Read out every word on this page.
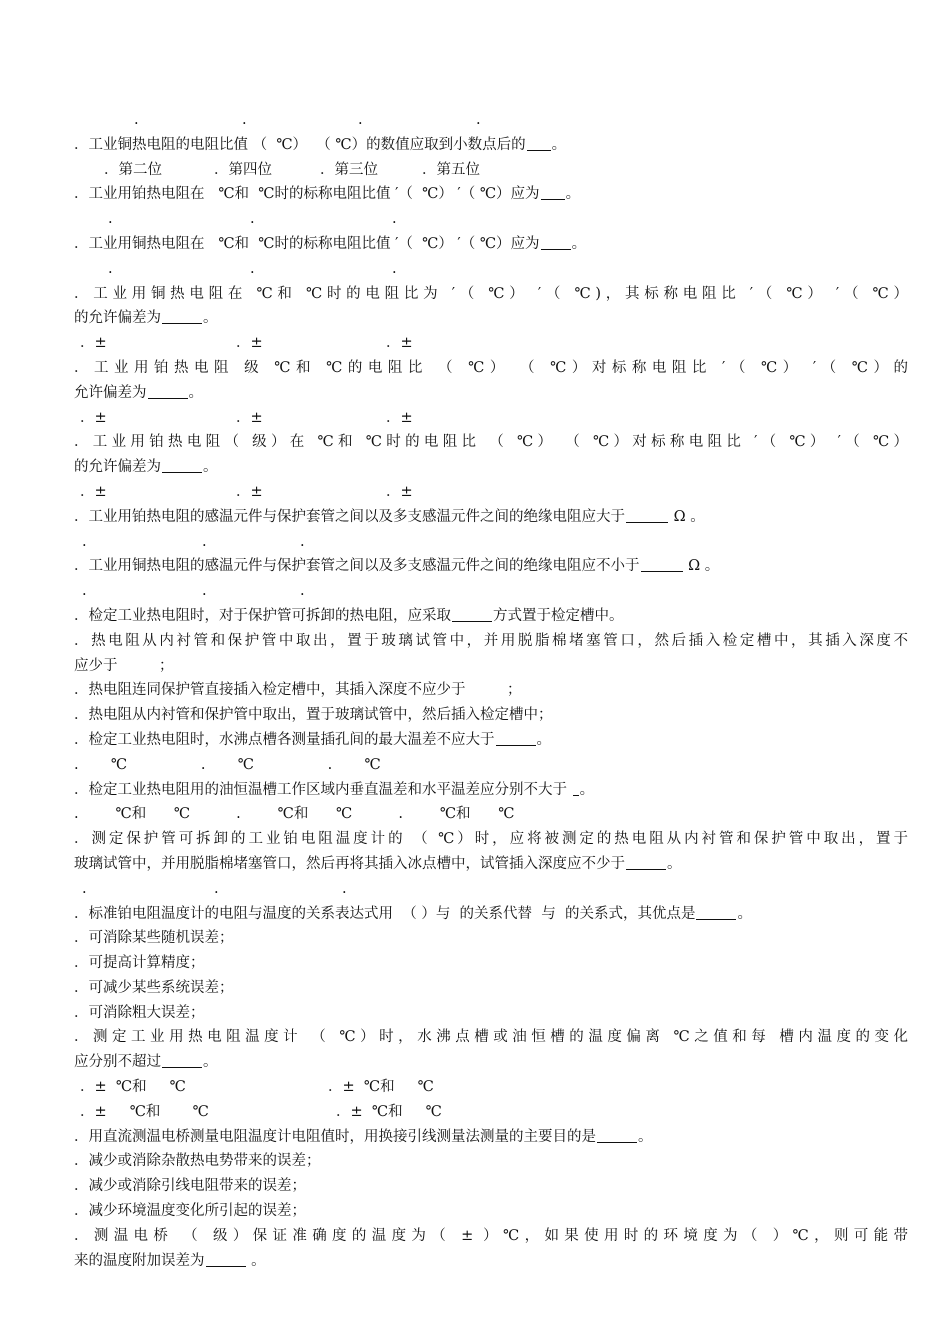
.	.	.	.
．工业铜热电阻的电阻比值 （  ℃）  （ ℃）的数值应取到小数点后的 。
．第二位	．第四位	．第三位	．第五位
．工业用铂热电阻在   ℃和  ℃时的标称电阻比值 ′（  ℃） ′（ ℃）应为 。
.	.	.
．工业用铜热电阻在   ℃和  ℃时的标称电阻比值 ′（  ℃） ′（ ℃）应为 。
.	.	.
．工业用铜热电阻在 ℃和 ℃时的电阻比为 ′（ ℃） ′（ ℃)，其标称电阻比 ′（ ℃） ′（ ℃）
的允许偏差为	。
．±	．±	．±
．工业用铂热电阻 级 ℃和 ℃的电阻比 （ ℃） （ ℃）对标称电阻比 ′（ ℃） ′（ ℃）的
允许偏差为	。
．±	．±	．±
．工业用铂热电阻（ 级）在 ℃和 ℃时的电阻比 （ ℃） （ ℃）对标称电阻比 ′（ ℃） ′（ ℃）
的允许偏差为	。
．±	．±	．±
．工业用铂热电阻的感温元件与保护套管之间以及多支感温元件之间的绝缘电阻应大于	Ω 。
.	.	.
．工业用铜热电阻的感温元件与保护套管之间以及多支感温元件之间的绝缘电阻应不小于	Ω 。
.	.	.
．检定工业热电阻时，对于保护管可拆卸的热电阻，应采取	方式置于检定槽中。
．热电阻从内衬管和保护管中取出，置于玻璃试管中，并用脱脂棉堵塞管口，然后插入检定槽中，其插入深度不
应少于         ；
．热电阻连同保护管直接插入检定槽中，其插入深度不应少于         ；
．热电阻从内衬管和保护管中取出，置于玻璃试管中，然后插入检定槽中；
．检定工业热电阻时，水沸点槽各测量插孔间的最大温差不应大于	。
.       ℃                .       ℃                .       ℃
．检定工业热电阻用的油恒温槽工作区域内垂直温差和水平温差应分别不大于 。
.        ℃和      ℃          .        ℃和      ℃          .        ℃和      ℃
．测定保护管可拆卸的工业铂电阻温度计的 （ ℃）时，应将被测定的热电阻从内衬管和保护管中取出，置于
玻璃试管中，并用脱脂棉堵塞管口，然后再将其插入冰点槽中，试管插入深度应不少于	。
.	.	.
．标准铂电阻温度计的电阻与温度的关系表达式用  （ ）与  的关系代替  与  的关系式，其优点是	。
．可消除某些随机误差；
．可提高计算精度；
．可减少某些系统误差；
．可消除粗大误差；
．测定工业用热电阻温度计 （ ℃）时，水沸点槽或油恒槽的温度偏离 ℃之值和每 槽内温度的变化
应分别不超过	。
．±  ℃和     ℃	．±  ℃和     ℃
．±     ℃和       ℃	．±  ℃和     ℃
．用直流测温电桥测量电阻温度计电阻值时，用换接引线测量法测量的主要目的是	。
．减少或消除杂散热电势带来的误差；
．减少或消除引线电阻带来的误差；
．减少环境温度变化所引起的误差；
．测温电桥 （ 级）保证准确度的温度为（ ± ）℃，如果使用时的环境度为（ ）℃，则可能带
来的温度附加误差为	。
